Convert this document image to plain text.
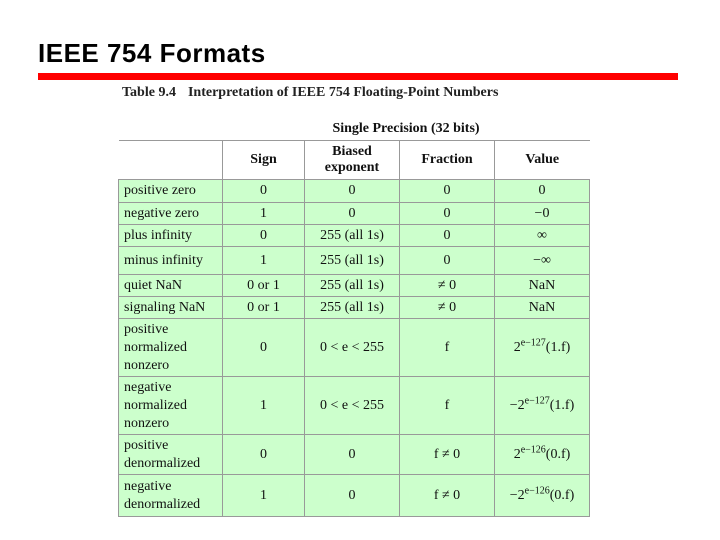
IEEE 754 Formats
Table 9.4 Interpretation of IEEE 754 Floating-Point Numbers
	Single Precision (32 bits)			
	Sign	Biased exponent	Fraction	Value
positive zero	0	0	0	0
negative zero	1	0	0	−0
plus infinity	0	255 (all 1s)	0	∞
minus infinity	1	255 (all 1s)	0	−∞
quiet NaN	0 or 1	255 (all 1s)	≠ 0	NaN
signaling NaN	0 or 1	255 (all 1s)	≠ 0	NaN
positive normalized nonzero	0	0 < e < 255	f	$2^{e-127}(1.f)$
negative normalized nonzero	1	0 < e < 255	f	$-2^{e-127}(1.f)$
positive denormalized	0	0	f ≠ 0	$2^{e-126}(0.f)$
negative denormalized	1	0	f ≠ 0	$-2^{e-126}(0.f)$
